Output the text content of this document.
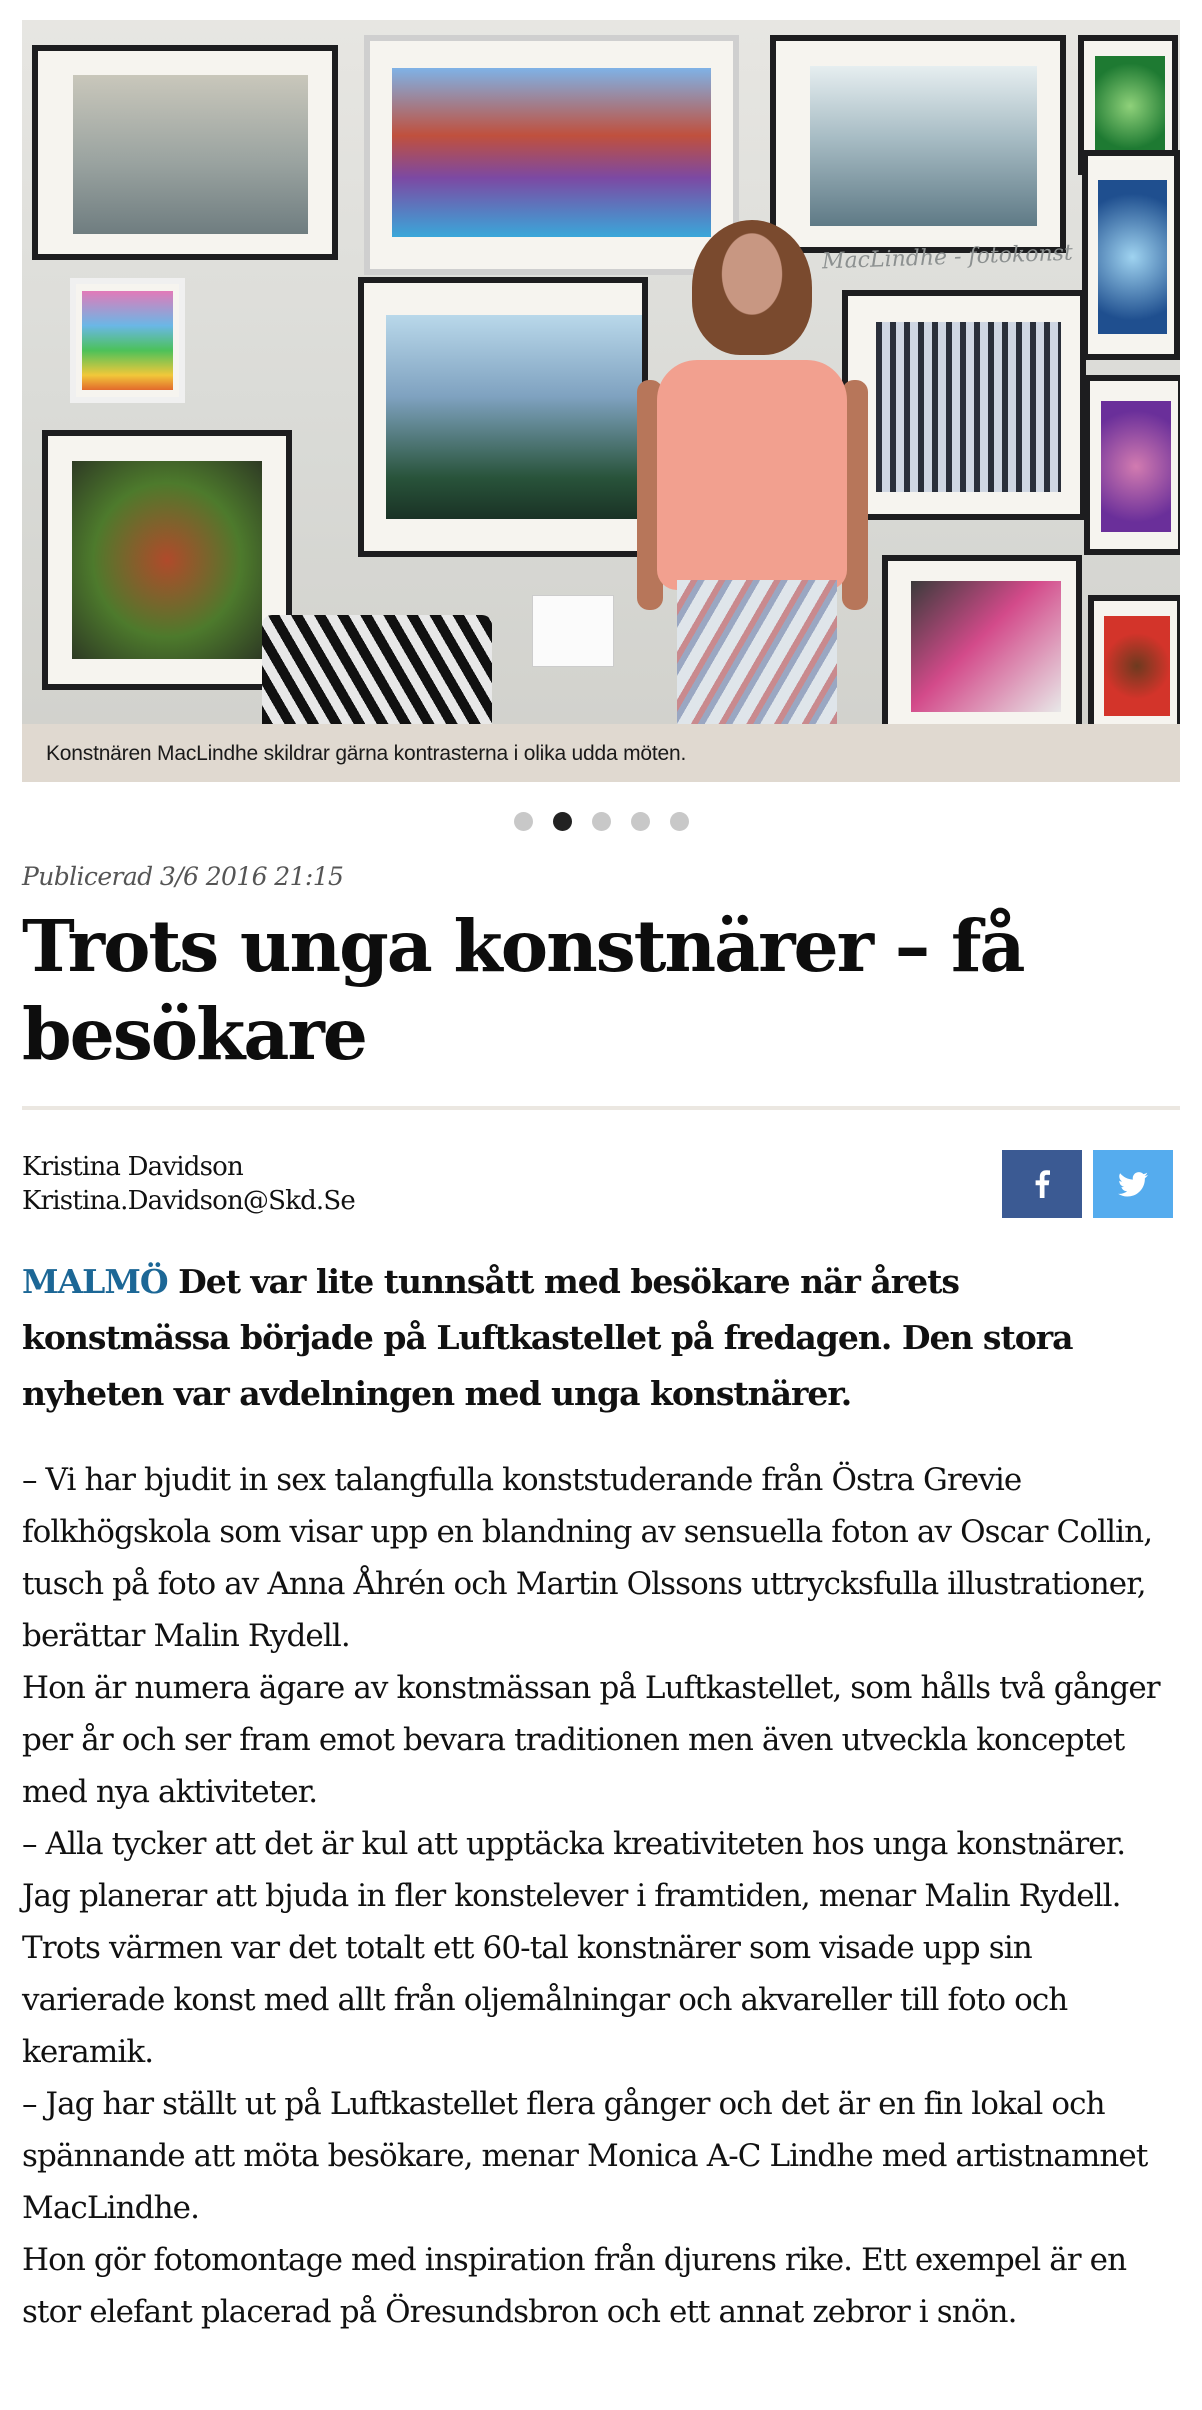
MacLindhe - fotokonst
Konstnären MacLindhe skildrar gärna kontrasterna i olika udda möten.
Publicerad 3/6 2016 21:15
Trots unga konstnärer – få besökare
Kristina Davidson
Kristina.Davidson@Skd.Se

MALMÖ Det var lite tunnsått med besökare när årets konstmässa började på Luftkastellet på fredagen. Den stora nyheten var avdelningen med unga konstnärer.

– Vi har bjudit in sex talangfulla konststuderande från Östra Grevie folkhögskola som visar upp en blandning av sensuella foton av Oscar Collin, tusch på foto av Anna Åhrén och Martin Olssons uttrycksfulla illustrationer, berättar Malin Rydell.

Hon är numera ägare av konstmässan på Luftkastellet, som hålls två gånger per år och ser fram emot bevara traditionen men även utveckla konceptet med nya aktiviteter.

– Alla tycker att det är kul att upptäcka kreativiteten hos unga konstnärer. Jag planerar att bjuda in fler konstelever i framtiden, menar Malin Rydell.

Trots värmen var det totalt ett 60-tal konstnärer som visade upp sin varierade konst med allt från oljemålningar och akvareller till foto och keramik.

– Jag har ställt ut på Luftkastellet flera gånger och det är en fin lokal och spännande att möta besökare, menar Monica A-C Lindhe med artistnamnet MacLindhe.

Hon gör fotomontage med inspiration från djurens rike. Ett exempel är en stor elefant placerad på Öresundsbron och ett annat zebror i snön.
